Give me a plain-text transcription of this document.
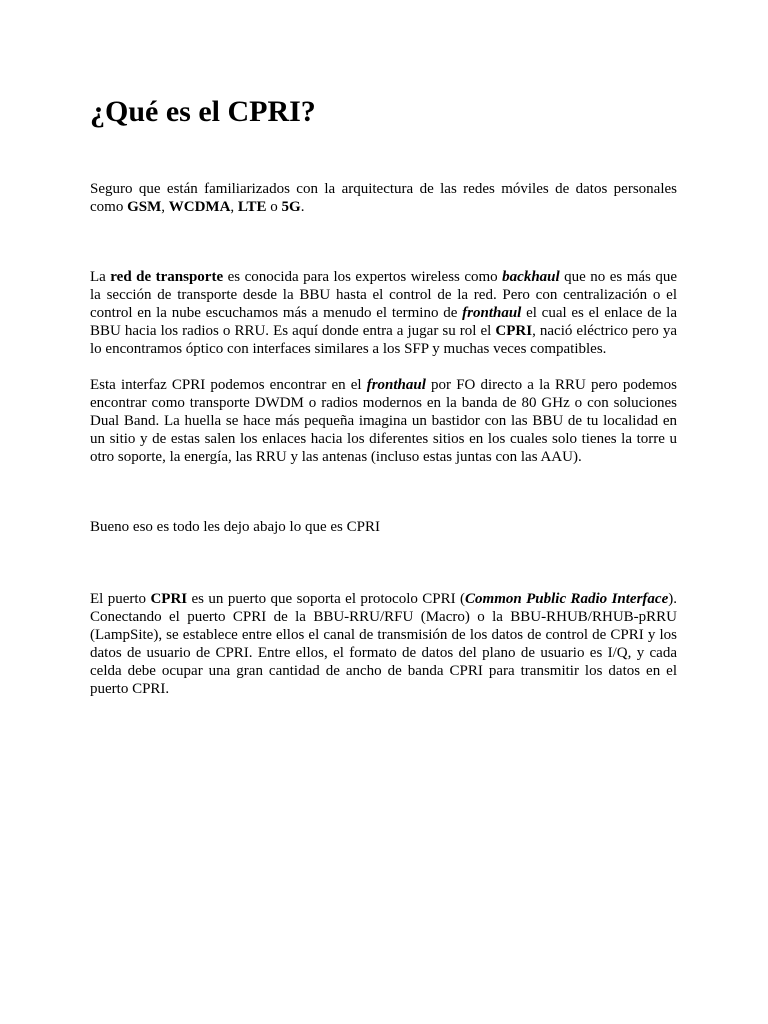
¿Qué es el CPRI?

Seguro que están familiarizados con la arquitectura de las redes móviles de datos personales como GSM, WCDMA, LTE o 5G.

La red de transporte es conocida para los expertos wireless como backhaul que no es más que la sección de transporte desde la BBU hasta el control de la red. Pero con centralización o el control en la nube escuchamos más a menudo el termino de fronthaul el cual es el enlace de la BBU hacia los radios o RRU. Es aquí donde entra a jugar su rol el CPRI, nació eléctrico pero ya lo encontramos óptico con interfaces similares a los SFP y muchas veces compatibles.

Esta interfaz CPRI podemos encontrar en el fronthaul por FO directo a la RRU pero podemos encontrar como transporte DWDM o radios modernos en la banda de 80 GHz o con soluciones Dual Band. La huella se hace más pequeña imagina un bastidor con las BBU de tu localidad en un sitio y de estas salen los enlaces hacia los diferentes sitios en los cuales solo tienes la torre u otro soporte, la energía, las RRU y las antenas (incluso estas juntas con las AAU).

Bueno eso es todo les dejo abajo lo que es CPRI

El puerto CPRI es un puerto que soporta el protocolo CPRI (Common Public Radio Interface). Conectando el puerto CPRI de la BBU-RRU/RFU (Macro) o la BBU-RHUB/RHUB-pRRU (LampSite), se establece entre ellos el canal de transmisión de los datos de control de CPRI y los datos de usuario de CPRI. Entre ellos, el formato de datos del plano de usuario es I/Q, y cada celda debe ocupar una gran cantidad de ancho de banda CPRI para transmitir los datos en el puerto CPRI.
